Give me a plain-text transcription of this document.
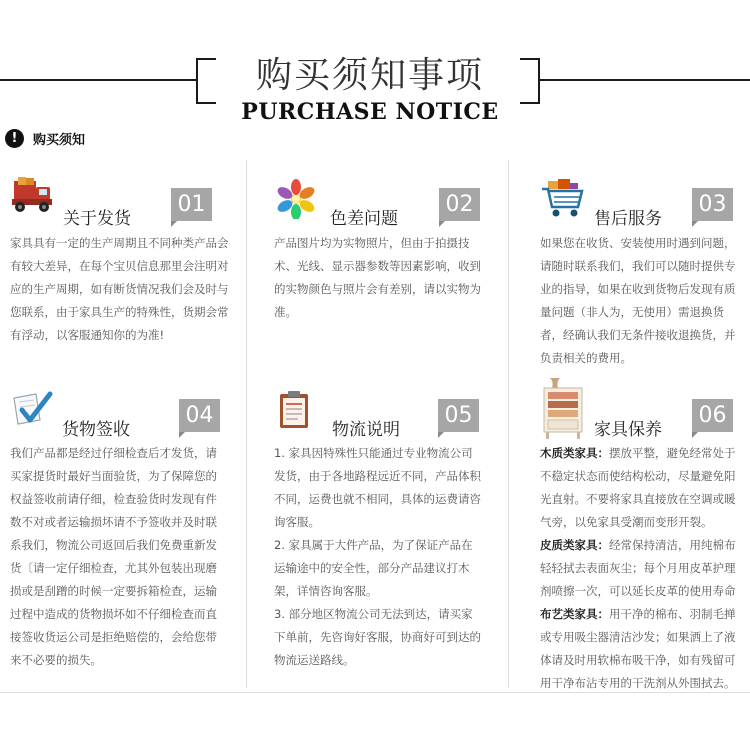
购买须知事项
PURCHASE NOTICE
!	购买须知
关于发货
01

家具具有一定的生产周期且不同种类产品会有较大差异，在每个宝贝信息那里会注明对应的生产周期，如有断货情况我们会及时与您联系，由于家具生产的特殊性，货期会常有浮动，以客服通知你的为准!

色差问题
02

产品图片均为实物照片，但由于拍摄技术、光线、显示器参数等因素影响，收到的实物颜色与照片会有差别，请以实物为准。

售后服务
03

如果您在收货、安装使用时遇到问题，请随时联系我们，我们可以随时提供专业的指导，如果在收到货物后发现有质量问题（非人为，无使用）需退换货者，经确认我们无条件接收退换货，并负责相关的费用。

货物签收
04

我们产品都是经过仔细检查后才发货，请买家提货时最好当面验货，为了保障您的权益签收前请仔细，检查验货时发现有件数不对或者运输损坏请不予签收并及时联系我们，物流公司返回后我们免费重新发货〔请一定仔细检查，尤其外包装出现磨损或是刮蹭的时候一定要拆箱检查，运输过程中造成的货物损坏如不仔细检查而直接签收货运公司是拒绝赔偿的，会给您带来不必要的损失。

物流说明
05

1. 家具因特殊性只能通过专业物流公司发货，由于各地路程远近不同，产品体积不同，运费也就不相同，具体的运费请咨询客服。

2. 家具属于大件产品，为了保证产品在运输途中的安全性，部分产品建议打木架，详情咨询客服。

3. 部分地区物流公司无法到达，请买家下单前，先咨询好客服，协商好可到达的物流运送路线。

家具保养
06

木质类家具：摆放平整，避免经常处于不稳定状态而使结构松动，尽量避免阳光直射。不要将家具直接放在空调或暖气旁，以免家具受潮而变形开裂。

皮质类家具：经常保持清洁，用纯棉布轻轻拭去表面灰尘；每个月用皮革护理剂喷擦一次，可以延长皮革的使用寿命

布艺类家具：用干净的棉布、羽制毛掸或专用吸尘器清洁沙发；如果洒上了液体请及时用软棉布吸干净，如有残留可用干净布沾专用的干洗剂从外围拭去。
